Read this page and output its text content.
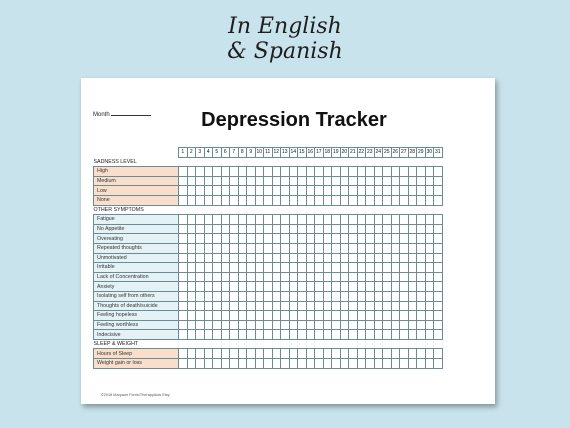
In English
& Spanish
Month	Depression Tracker
	1	2	3	4	5	6	7	8	9	10	11	12	13	14	15	16	17	18	19	20	21	22	23	24	25	26	27	28	29	30	31
SADNESS LEVEL																															
High																															
Medium																															
Low																															
None																															
OTHER SYMPTOMS																															
Fatigue																															
No Appetite																															
Overeating																															
Repeated thoughts																															
Unmotivated																															
Irritable																															
Lack of Concentration																															
Anxiety																															
Isolating self from others																															
Thoughts of death/suicide																															
Feeling hopeless																															
Feeling worthless																															
Indecisive																															
SLEEP & WEIGHT																															
Hours of Sleep																															
Weight gain or loss																															
©2018 Maryann Ferris/TherapyAids Etsy
